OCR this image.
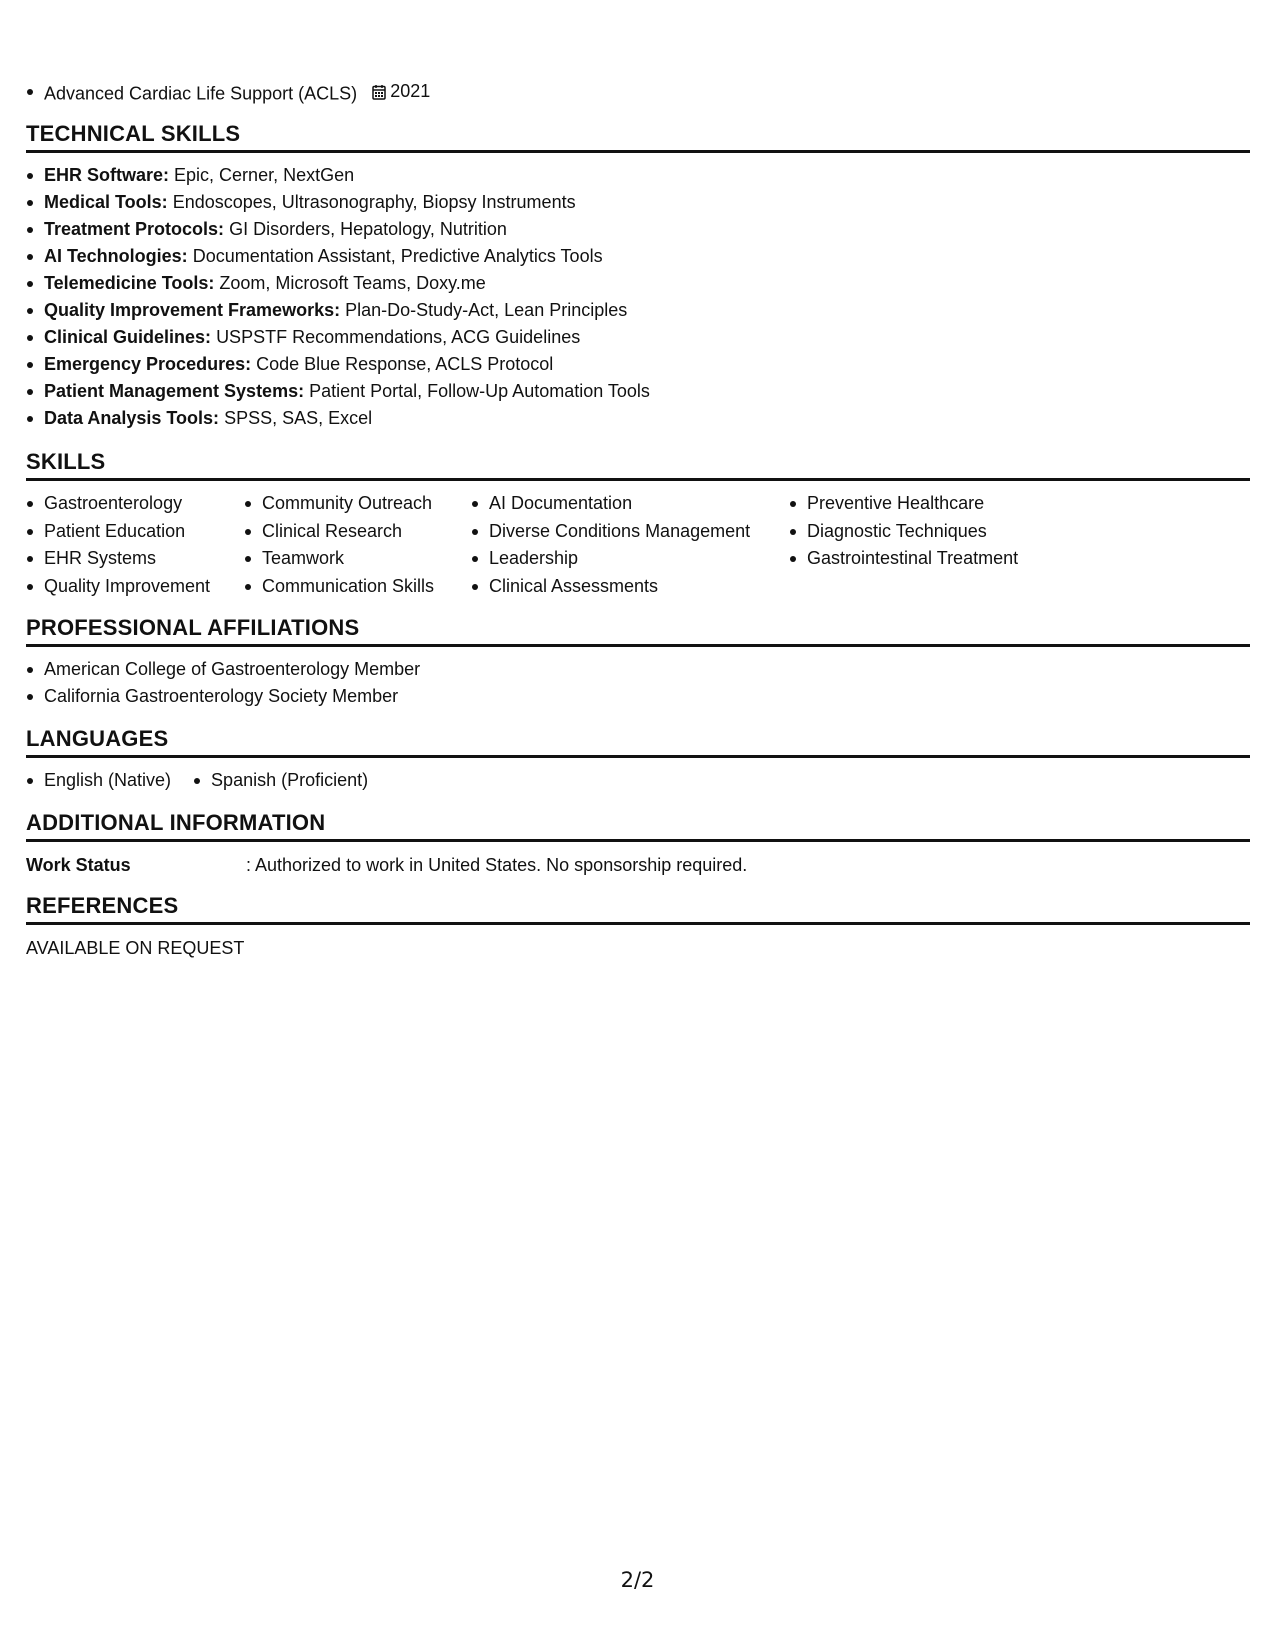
Advanced Cardiac Life Support (ACLS) 2021
TECHNICAL SKILLS
EHR Software: Epic, Cerner, NextGen
Medical Tools: Endoscopes, Ultrasonography, Biopsy Instruments
Treatment Protocols: GI Disorders, Hepatology, Nutrition
AI Technologies: Documentation Assistant, Predictive Analytics Tools
Telemedicine Tools: Zoom, Microsoft Teams, Doxy.me
Quality Improvement Frameworks: Plan-Do-Study-Act, Lean Principles
Clinical Guidelines: USPSTF Recommendations, ACG Guidelines
Emergency Procedures: Code Blue Response, ACLS Protocol
Patient Management Systems: Patient Portal, Follow-Up Automation Tools
Data Analysis Tools: SPSS, SAS, Excel
SKILLS
Gastroenterology
Patient Education
EHR Systems
Quality Improvement
Community Outreach
Clinical Research
Teamwork
Communication Skills
AI Documentation
Diverse Conditions Management
Leadership
Clinical Assessments
Preventive Healthcare
Diagnostic Techniques
Gastrointestinal Treatment
PROFESSIONAL AFFILIATIONS
American College of Gastroenterology Member
California Gastroenterology Society Member
LANGUAGES
English (Native)	Spanish (Proficient)
ADDITIONAL INFORMATION
Work Status	: Authorized to work in United States. No sponsorship required.
REFERENCES
AVAILABLE ON REQUEST
2/2
